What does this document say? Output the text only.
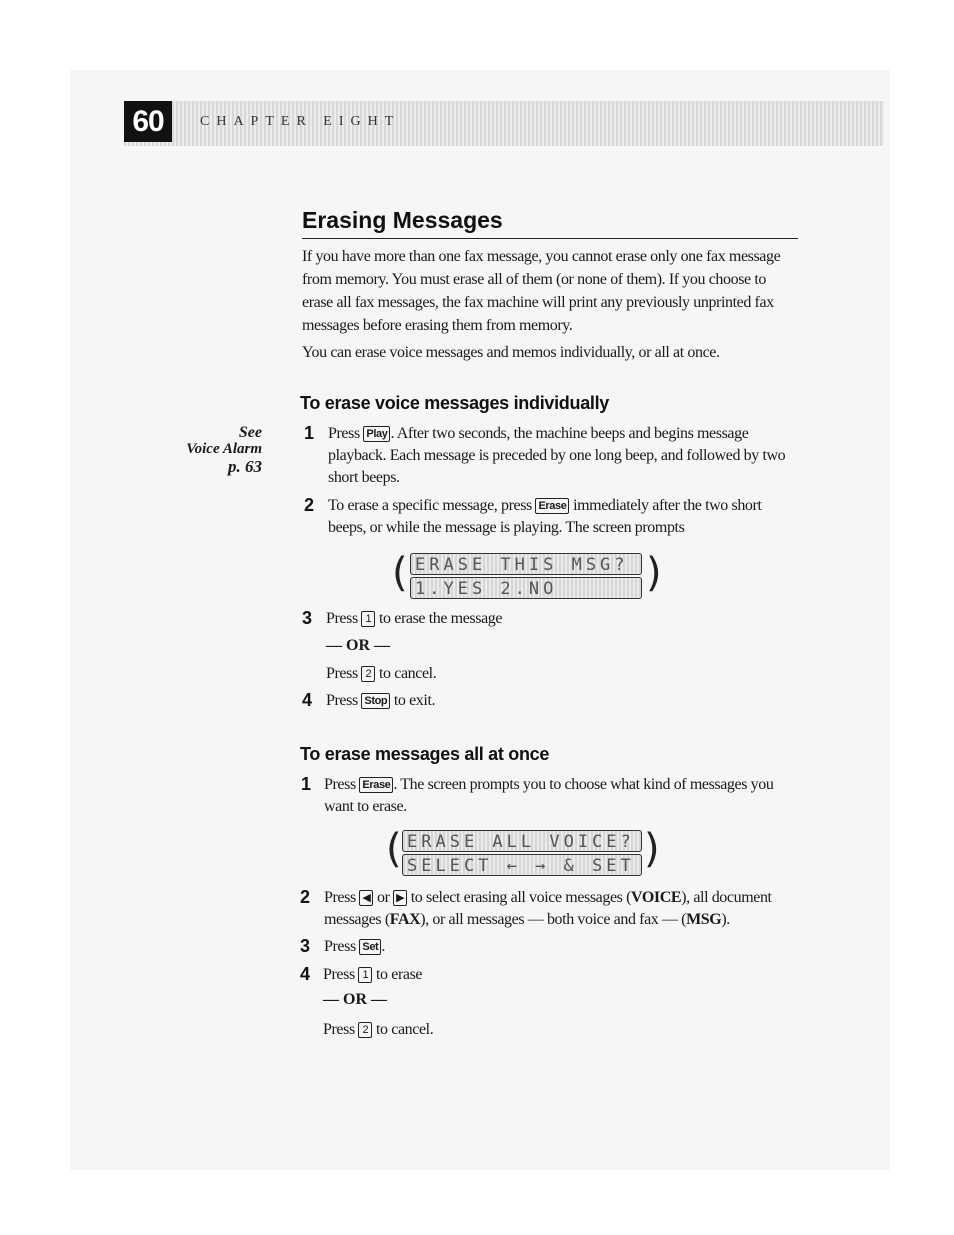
60	CHAPTER EIGHT
See
Voice Alarm
p. 63
Erasing Messages
If you have more than one fax message, you cannot erase only one fax message from memory. You must erase all of them (or none of them). If you choose to erase all fax messages, the fax machine will print any previously unprinted fax messages before erasing them from memory.
You can erase voice messages and memos individually, or all at once.
To erase voice messages individually
1 Press Play . After two seconds, the machine beeps and begins message playback. Each message is preceded by one long beep, and followed by two short beeps.
2 To erase a specific message, press Erase immediately after the two short beeps, or while the message is playing. The screen prompts
( ERASE THIS MSG?
1.YES 2.NO	)
3 Press 1 to erase the message
— OR —
Press 2 to cancel.
4 Press Stop to exit.
To erase messages all at once
1 Press Erase . The screen prompts you to choose what kind of messages you want to erase.
( ERASE ALL VOICE?
SELECT ← → & SET )
2 Press ◀ or ▶ to select erasing all voice messages (VOICE), all document messages (FAX), or all messages — both voice and fax — (MSG).
3 Press Set .
4 Press 1 to erase
— OR —
Press 2 to cancel.
